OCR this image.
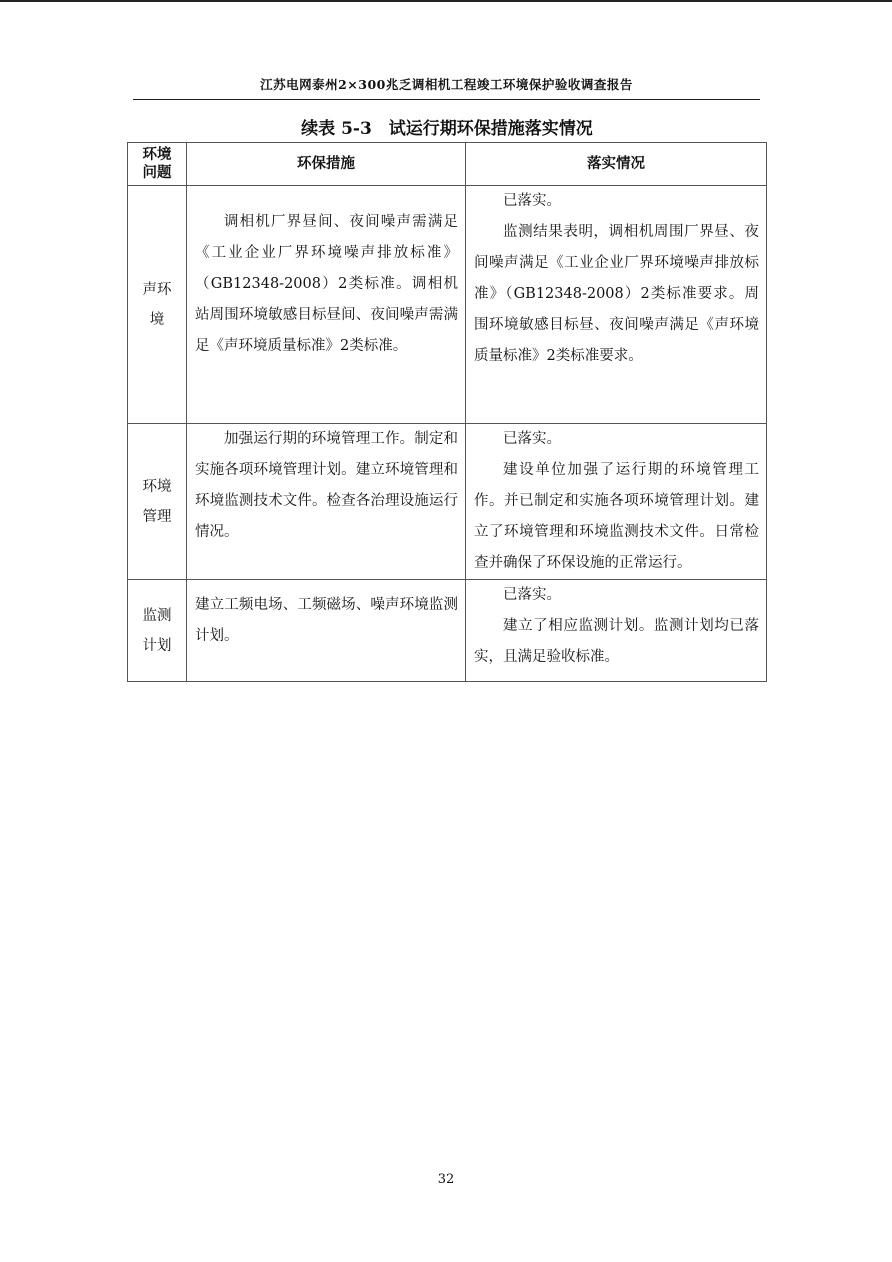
江苏电网泰州2×300兆乏调相机工程竣工环境保护验收调查报告
续表 5-3　试运行期环保措施落实情况
环境问题	环保措施	落实情况
声环境	调相机厂界昼间、夜间噪声需满足《工业企业厂界环境噪声排放标准》（GB12348-2008）2类标准。调相机站周围环境敏感目标昼间、夜间噪声需满足《声环境质量标准》2类标准。	已落实。
监测结果表明，调相机周围厂界昼、夜间噪声满足《工业企业厂界环境噪声排放标准》（GB12348-2008）2类标准要求。周围环境敏感目标昼、夜间噪声满足《声环境质量标准》2类标准要求。

环境管理	加强运行期的环境管理工作。制定和实施各项环境管理计划。建立环境管理和环境监测技术文件。检查各治理设施运行情况。	已落实。
建设单位加强了运行期的环境管理工作。并已制定和实施各项环境管理计划。建立了环境管理和环境监测技术文件。日常检查并确保了环保设施的正常运行。

监测计划	建立工频电场、工频磁场、噪声环境监测计划。	已落实。
建立了相应监测计划。监测计划均已落实，且满足验收标准。
32
